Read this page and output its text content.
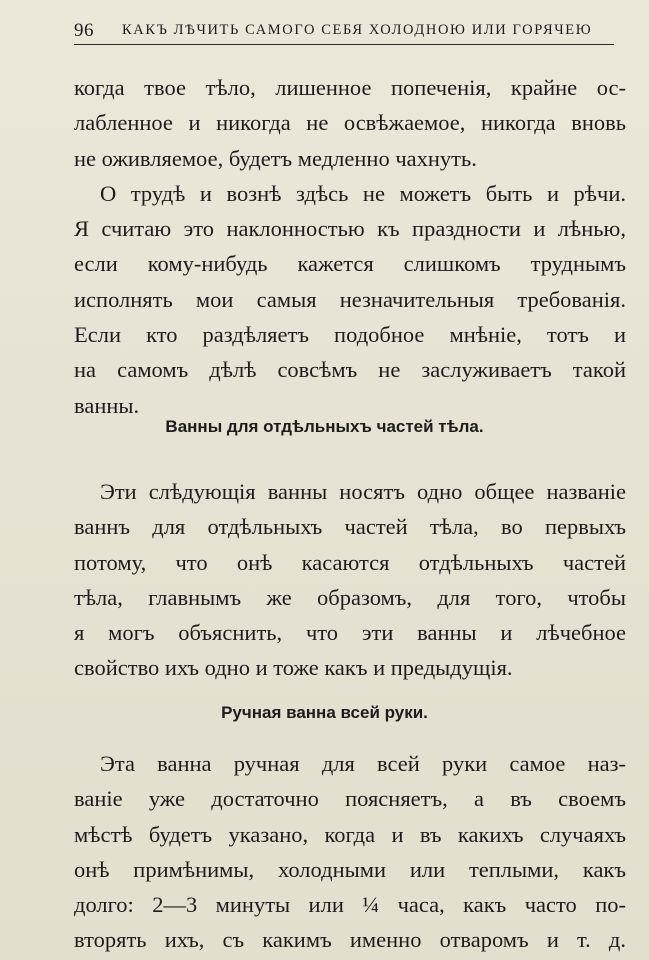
96 КАКЪ ЛѢЧИТЬ САМОГО СЕБЯ ХОЛОДНОЮ ИЛИ ГОРЯЧЕЮ
когда твое тѣло, лишенное попеченія, крайне ос-
лабленное и никогда не освѣжаемое, никогда вновь
не оживляемое, будетъ медленно чахнуть.
О трудѣ и вознѣ здѣсь не можетъ быть и рѣчи.
Я считаю это наклонностью къ праздности и лѣнью,
если кому-нибудь кажется слишкомъ труднымъ
исполнять мои самыя незначительныя требованія.
Если кто раздѣляетъ подобное мнѣніе, тотъ и
на самомъ дѣлѣ совсѣмъ не заслуживаетъ такой
ванны.
Ванны для отдѣльныхъ частей тѣла.
Эти слѣдующія ванны носятъ одно общее названіе
ваннъ для отдѣльныхъ частей тѣла, во первыхъ
потому, что онѣ касаются отдѣльныхъ частей
тѣла, главнымъ же образомъ, для того, чтобы
я могъ объяснить, что эти ванны и лѣчебное
свойство ихъ одно и тоже какъ и предыдущія.
Ручная ванна всей руки.
Эта ванна ручная для всей руки самое наз-
ваніе уже достаточно поясняетъ, а въ своемъ
мѣстѣ будетъ указано, когда и въ какихъ случаяхъ
онѣ примѣнимы, холодными или теплыми, какъ
долго: 2—3 минуты или ¼ часа, какъ часто по-
вторять ихъ, съ какимъ именно отваромъ и т. д.
